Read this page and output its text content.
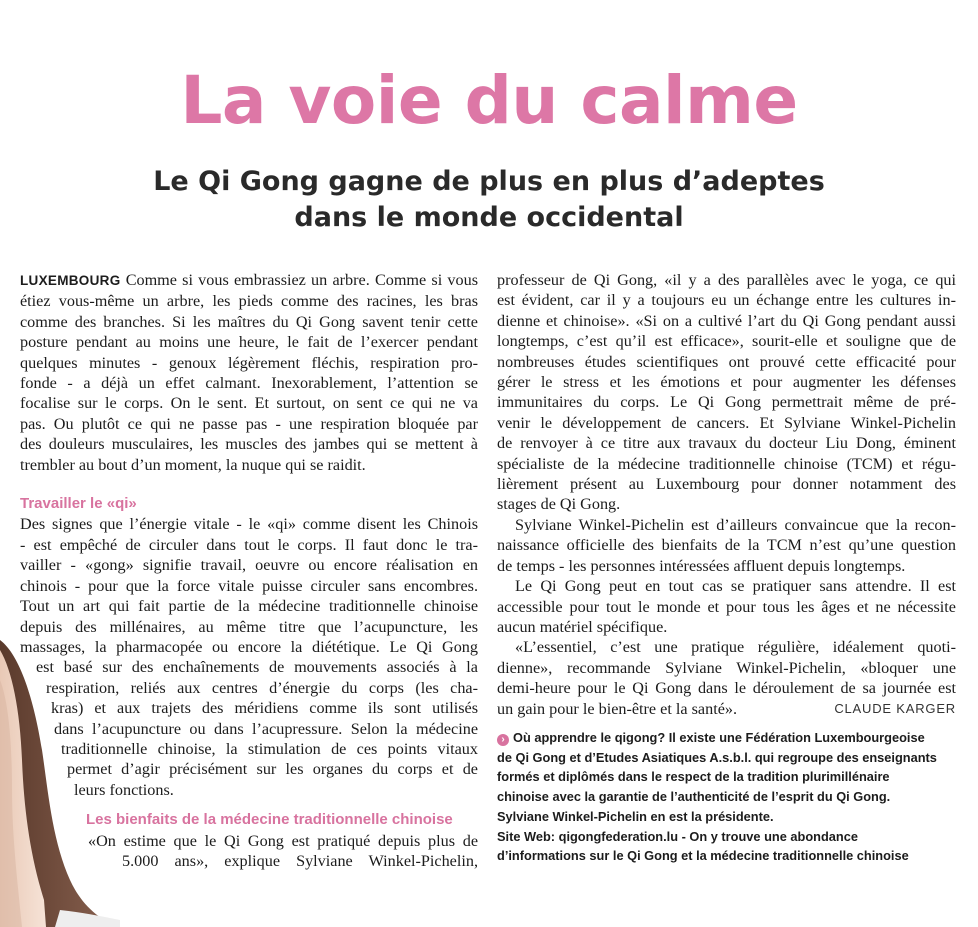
La voie du calme
Le Qi Gong gagne de plus en plus d’adeptes
dans le monde occidental

LUXEMBOURG Comme si vous embrassiez un arbre. Comme si vous
étiez vous-même un arbre, les pieds comme des racines, les bras
comme des branches. Si les maîtres du Qi Gong savent tenir cette
posture pendant au moins une heure, le fait de l’exercer pendant
quelques minutes - genoux légèrement fléchis, respiration pro-
fonde - a déjà un effet calmant. Inexorablement, l’attention se
focalise sur le corps. On le sent. Et surtout, on sent ce qui ne va
pas. Ou plutôt ce qui ne passe pas - une respiration bloquée par
des douleurs musculaires, les muscles des jambes qui se mettent à
trembler au bout d’un moment, la nuque qui se raidit.

Travailler le «qi»

Des signes que l’énergie vitale - le «qi» comme disent les Chinois
- est empêché de circuler dans tout le corps. Il faut donc le tra-
vailler - «gong» signifie travail, oeuvre ou encore réalisation en
chinois - pour que la force vitale puisse circuler sans encombres.
Tout un art qui fait partie de la médecine traditionnelle chinoise
depuis des millénaires, au même titre que l’acupuncture, les
massages, la pharmacopée ou encore la diététique. Le Qi Gong
est basé sur des enchaînements de mouvements associés à la
respiration, reliés aux centres d’énergie du corps (les cha-
kras) et aux trajets des méridiens comme ils sont utilisés
dans l’acupuncture ou dans l’acupressure. Selon la médecine
traditionnelle chinoise, la stimulation de ces points vitaux
permet d’agir précisément sur les organes du corps et de
leurs fonctions.

Les bienfaits de la médecine traditionnelle chinoise

«On estime que le Qi Gong est pratiqué depuis plus de
5.000 ans», explique Sylviane Winkel-Pichelin,

professeur de Qi Gong, «il y a des parallèles avec le yoga, ce qui
est évident, car il y a toujours eu un échange entre les cultures in-
dienne et chinoise». «Si on a cultivé l’art du Qi Gong pendant aussi
longtemps, c’est qu’il est efficace», sourit-elle et souligne que de
nombreuses études scientifiques ont prouvé cette efficacité pour
gérer le stress et les émotions et pour augmenter les défenses
immunitaires du corps. Le Qi Gong permettrait même de pré-
venir le développement de cancers. Et Sylviane Winkel-Pichelin
de renvoyer à ce titre aux travaux du docteur Liu Dong, éminent
spécialiste de la médecine traditionnelle chinoise (TCM) et régu-
lièrement présent au Luxembourg pour donner notamment des
stages de Qi Gong.

Sylviane Winkel-Pichelin est d’ailleurs convaincue que la recon-
naissance officielle des bienfaits de la TCM n’est qu’une question
de temps - les personnes intéressées affluent depuis longtemps.

Le Qi Gong peut en tout cas se pratiquer sans attendre. Il est
accessible pour tout le monde et pour tous les âges et ne nécessite
aucun matériel spécifique.

«L’essentiel, c’est une pratique régulière, idéalement quoti-
dienne», recommande Sylviane Winkel-Pichelin, «bloquer une
demi-heure pour le Qi Gong dans le déroulement de sa journée est
un gain pour le bien-être et la santé».	CLAUDE KARGER

› Où apprendre le qigong? Il existe une Fédération Luxembourgeoise
de Qi Gong et d’Etudes Asiatiques A.s.b.l. qui regroupe des enseignants
formés et diplômés dans le respect de la tradition plurimillénaire
chinoise avec la garantie de l’authenticité de l’esprit du Qi Gong.
Sylviane Winkel-Pichelin en est la présidente.
Site Web: qigongfederation.lu - On y trouve une abondance
d’informations sur le Qi Gong et la médecine traditionnelle chinoise
